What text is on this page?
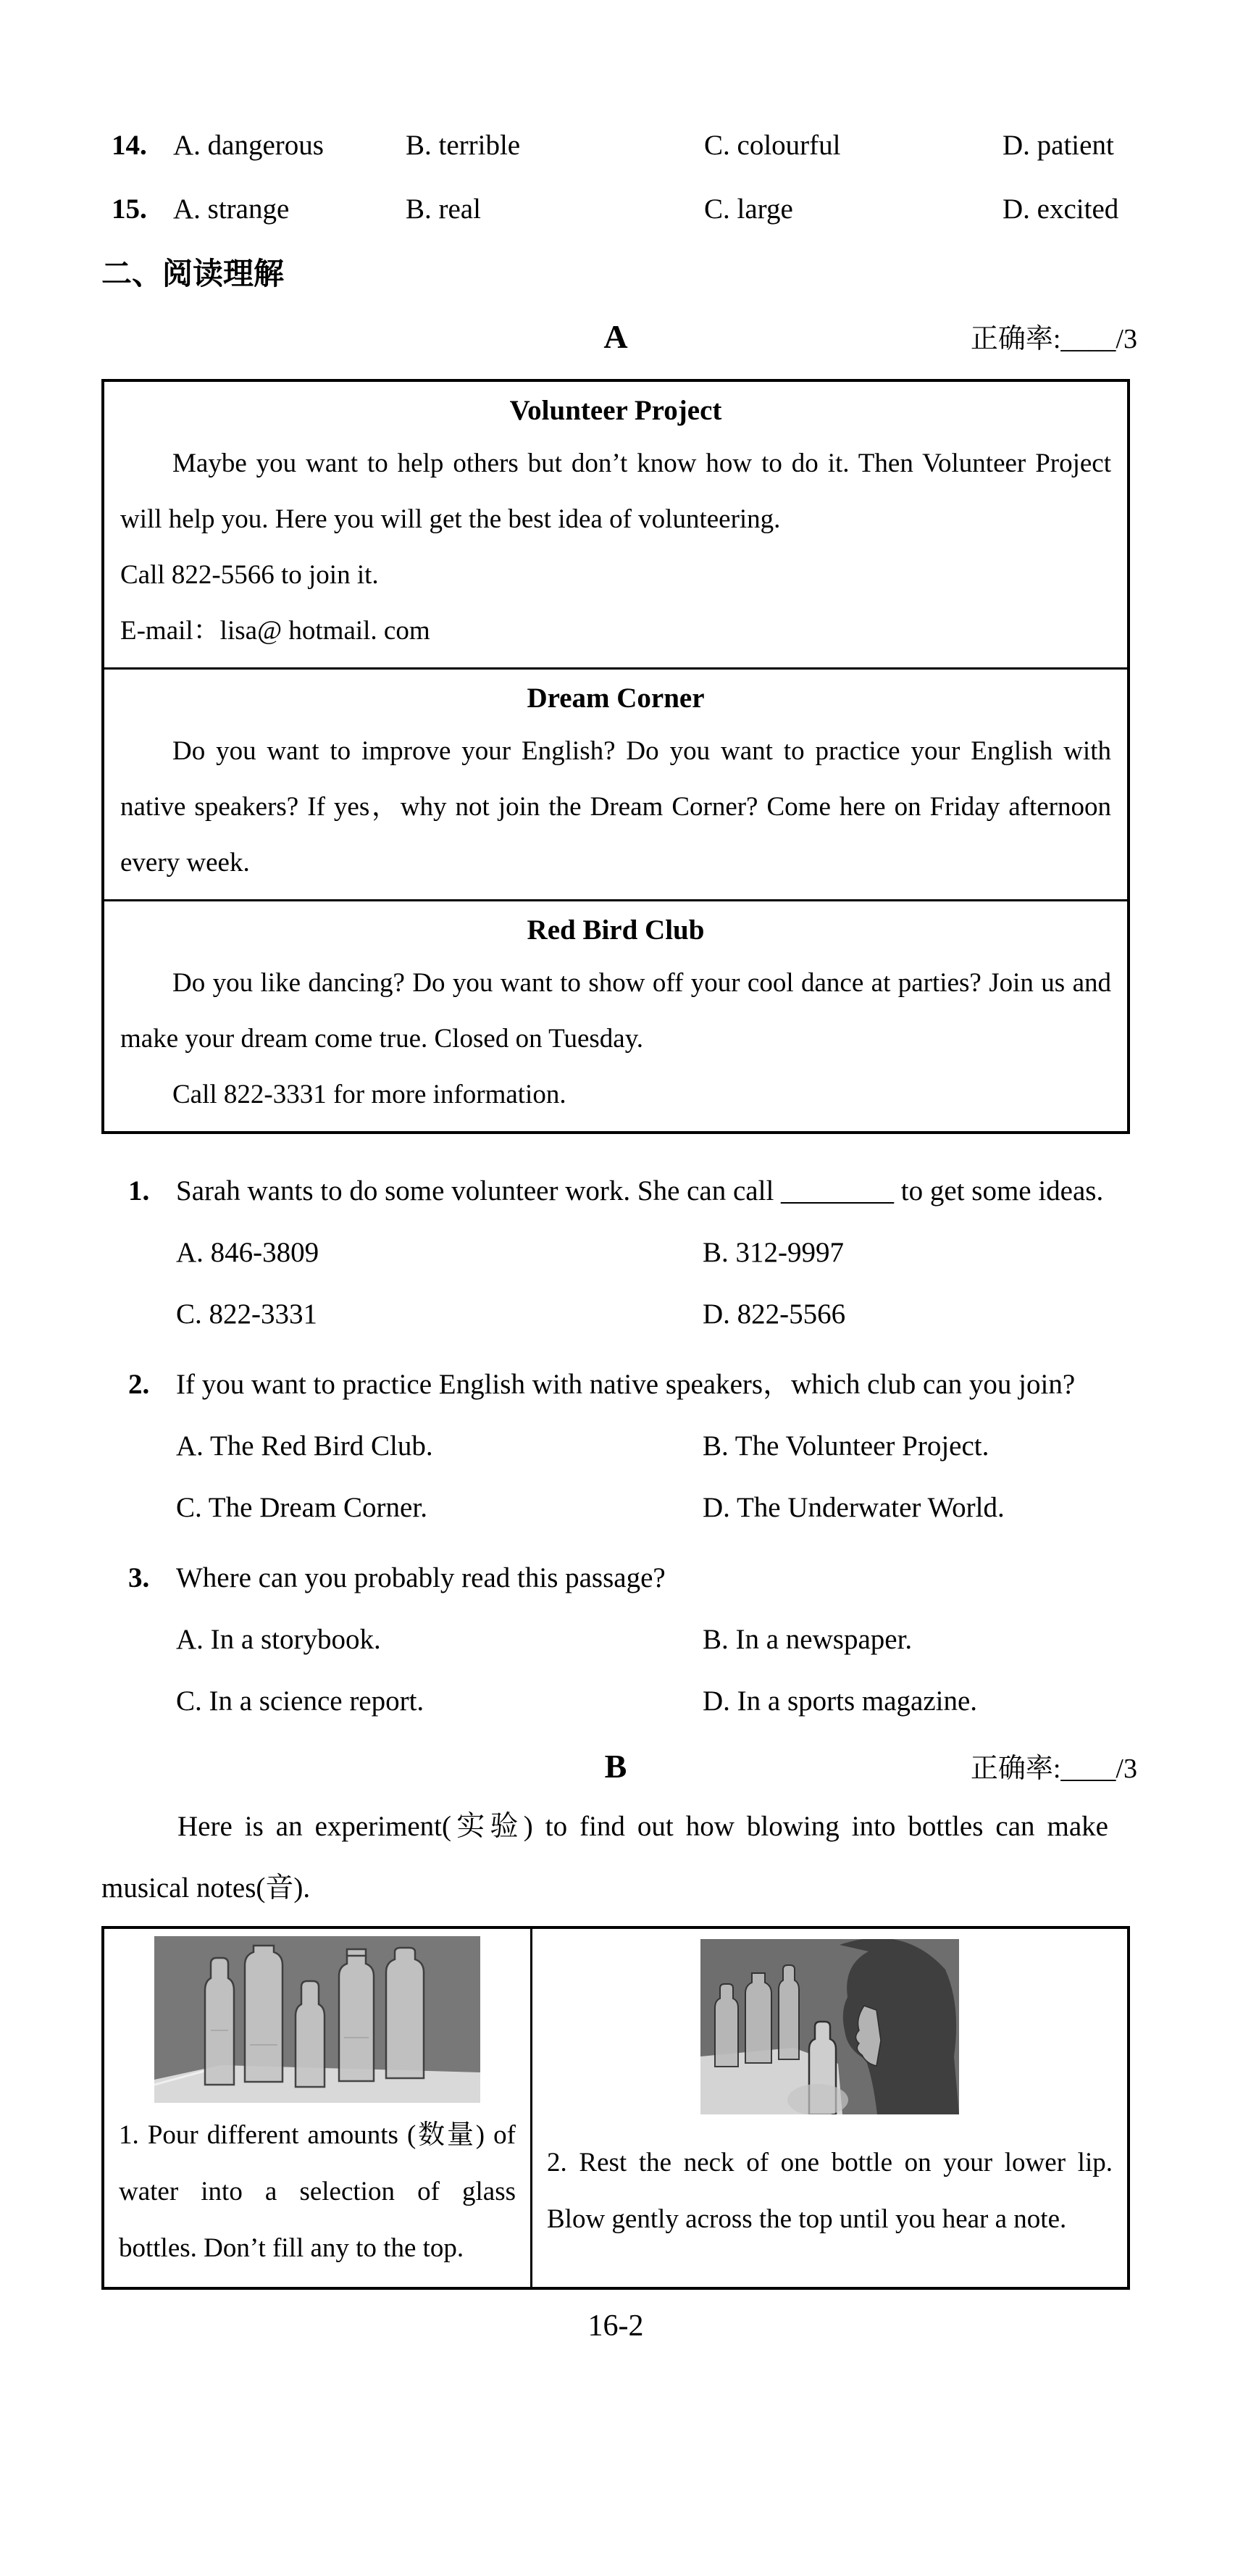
14. A. dangerous	B. terrible	C. colourful	D. patient
15. A. strange	B. real	C. large	D. excited
二、阅读理解
A	正确率:____/3
Volunteer Project

Maybe you want to help others but don’t know how to do it. Then Volunteer Project will help you. Here you will get the best idea of volunteering.

Call 822-5566 to join it.

E-mail：lisa@ hotmail. com

Dream Corner

Do you want to improve your English? Do you want to practice your English with native speakers? If yes，why not join the Dream Corner? Come here on Friday afternoon every week.

Red Bird Club

Do you like dancing? Do you want to show off your cool dance at parties? Join us and make your dream come true. Closed on Tuesday.

Call 822-3331 for more information.

1. Sarah wants to do some volunteer work. She can call ________ to get some ideas.

A. 846-3809	B. 312-9997
C. 822-3331	D. 822-5566

2. If you want to practice English with native speakers，which club can you join?

A. The Red Bird Club.	B. The Volunteer Project.
C. The Dream Corner.	D. The Underwater World.

3. Where can you probably read this passage?

A. In a storybook.	B. In a newspaper.
C. In a science report.	D. In a sports magazine.
B	正确率:____/3

Here is an experiment(实验) to find out how blowing into bottles can make musical notes(音).

1. Pour different amounts (数量) of water into a selection of glass bottles. Don’t fill any to the top.

2. Rest the neck of one bottle on your lower lip. Blow gently across the top until you hear a note.

16-2
